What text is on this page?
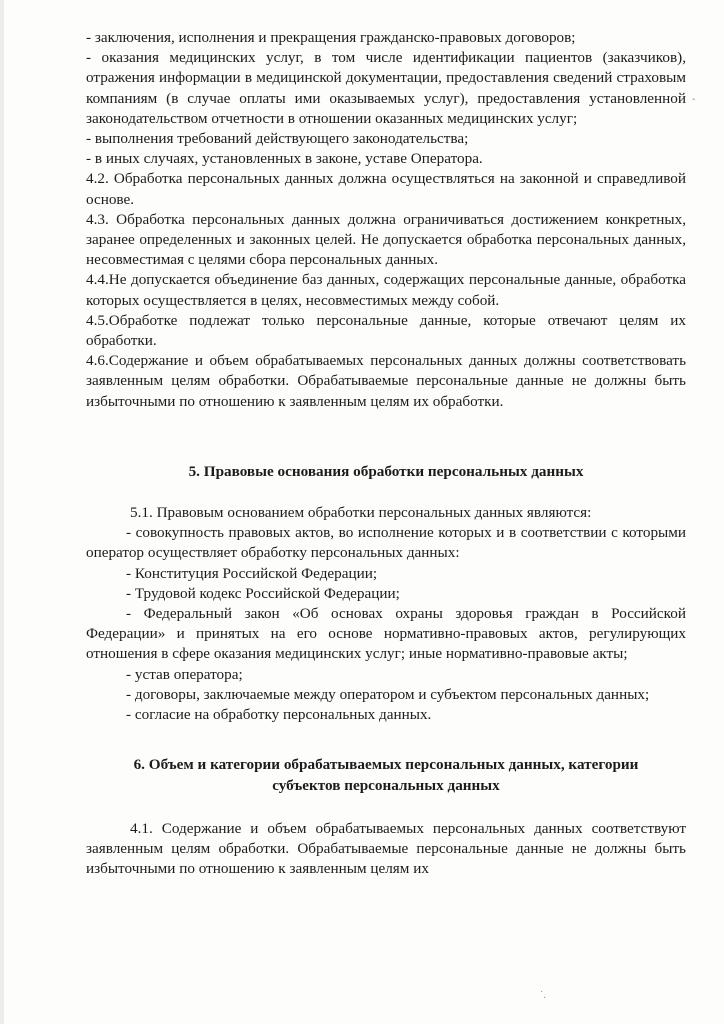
- заключения, исполнения и прекращения гражданско-правовых договоров;

- оказания медицинских услуг, в том числе идентификации пациентов (заказчиков), отражения информации в медицинской документации, предоставления сведений страховым компаниям (в случае оплаты ими оказываемых услуг), предоставления установленной законодательством отчетности в отношении оказанных медицинских услуг;

- выполнения требований действующего законодательства;

- в иных случаях, установленных в законе, уставе Оператора.

4.2. Обработка персональных данных должна осуществляться на законной и справедливой основе.

4.3. Обработка персональных данных должна ограничиваться достижением конкретных, заранее определенных и законных целей. Не допускается обработка персональных данных, несовместимая с целями сбора персональных данных.

4.4.Не допускается объединение баз данных, содержащих персональные данные, обработка которых осуществляется в целях, несовместимых между собой.

4.5.Обработке подлежат только персональные данные, которые отвечают целям их обработки.

4.6.Содержание и объем обрабатываемых персональных данных должны соответствовать заявленным целям обработки. Обрабатываемые персональные данные не должны быть избыточными по отношению к заявленным целям их обработки.

5. Правовые основания обработки персональных данных

5.1. Правовым основанием обработки персональных данных являются:

- совокупность правовых актов, во исполнение которых и в соответствии с которыми оператор осуществляет обработку персональных данных:

- Конституция Российской Федерации;

- Трудовой кодекс Российской Федерации;

- Федеральный закон «Об основах охраны здоровья граждан в Российской Федерации» и принятых на его основе нормативно-правовых актов, регулирующих отношения в сфере оказания медицинских услуг; иные нормативно-правовые акты;

- устав оператора;

- договоры, заключаемые между оператором и субъектом персональных данных;

- согласие на обработку персональных данных.

6. Объем и категории обрабатываемых персональных данных, категории

субъектов персональных данных

4.1. Содержание и объем обрабатываемых персональных данных соответствуют заявленным целям обработки. Обрабатываемые персональные данные не должны быть избыточными по отношению к заявленным целям их

ˆ
˙.
